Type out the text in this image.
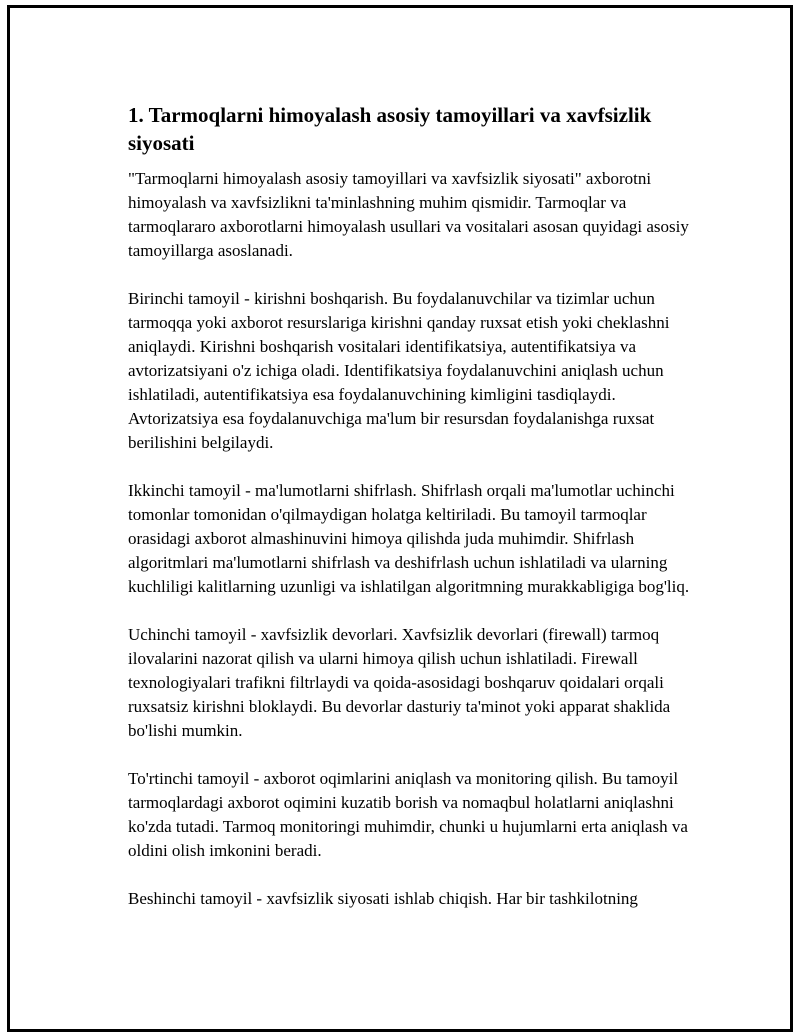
1. Tarmoqlarni himoyalash asosiy tamoyillari va xavfsizlik siyosati

"Tarmoqlarni himoyalash asosiy tamoyillari va xavfsizlik siyosati" axborotni himoyalash va xavfsizlikni ta'minlashning muhim qismidir. Tarmoqlar va tarmoqlararo axborotlarni himoyalash usullari va vositalari asosan quyidagi asosiy tamoyillarga asoslanadi.

Birinchi tamoyil - kirishni boshqarish. Bu foydalanuvchilar va tizimlar uchun tarmoqqa yoki axborot resurslariga kirishni qanday ruxsat etish yoki cheklashni aniqlaydi. Kirishni boshqarish vositalari identifikatsiya, autentifikatsiya va avtorizatsiyani o'z ichiga oladi. Identifikatsiya foydalanuvchini aniqlash uchun ishlatiladi, autentifikatsiya esa foydalanuvchining kimligini tasdiqlaydi. Avtorizatsiya esa foydalanuvchiga ma'lum bir resursdan foydalanishga ruxsat berilishini belgilaydi.

Ikkinchi tamoyil - ma'lumotlarni shifrlash. Shifrlash orqali ma'lumotlar uchinchi tomonlar tomonidan o'qilmaydigan holatga keltiriladi. Bu tamoyil tarmoqlar orasidagi axborot almashinuvini himoya qilishda juda muhimdir. Shifrlash algoritmlari ma'lumotlarni shifrlash va deshifrlash uchun ishlatiladi va ularning kuchliligi kalitlarning uzunligi va ishlatilgan algoritmning murakkabligiga bog'liq.

Uchinchi tamoyil - xavfsizlik devorlari. Xavfsizlik devorlari (firewall) tarmoq ilovalarini nazorat qilish va ularni himoya qilish uchun ishlatiladi. Firewall texnologiyalari trafikni filtrlaydi va qoida-asosidagi boshqaruv qoidalari orqali ruxsatsiz kirishni bloklaydi. Bu devorlar dasturiy ta'minot yoki apparat shaklida bo'lishi mumkin.

To'rtinchi tamoyil - axborot oqimlarini aniqlash va monitoring qilish. Bu tamoyil tarmoqlardagi axborot oqimini kuzatib borish va nomaqbul holatlarni aniqlashni ko'zda tutadi. Tarmoq monitoringi muhimdir, chunki u hujumlarni erta aniqlash va oldini olish imkonini beradi.

Beshinchi tamoyil - xavfsizlik siyosati ishlab chiqish. Har bir tashkilotning
